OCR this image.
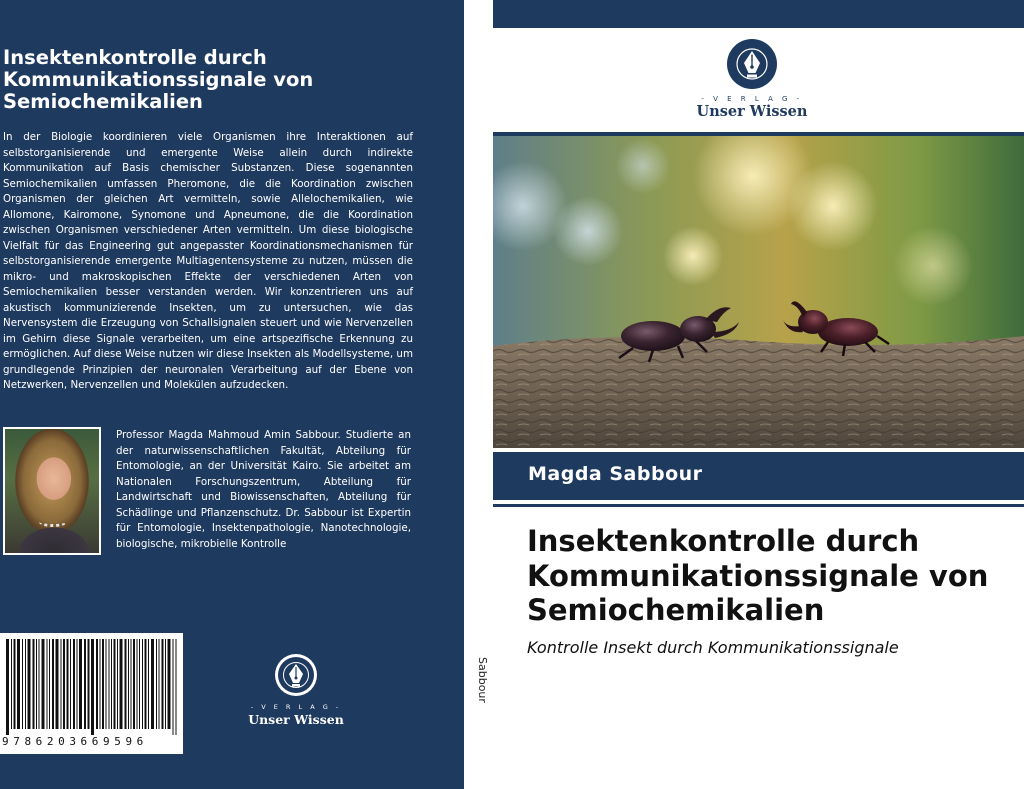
Insektenkontrolle durch Kommunikationssignale von Semiochemikalien
In der Biologie koordinieren viele Organismen ihre Interaktionen auf selbstorganisierende und emergente Weise allein durch indirekte Kommunikation auf Basis chemischer Substanzen. Diese sogenannten Semiochemikalien umfassen Pheromone, die die Koordination zwischen Organismen der gleichen Art vermitteln, sowie Allelochemikalien, wie Allomone, Kairomone, Synomone und Apneumone, die die Koordination zwischen Organismen verschiedener Arten vermitteln. Um diese biologische Vielfalt für das Engineering gut angepasster Koordinationsmechanismen für selbstorganisierende emergente Multiagentensysteme zu nutzen, müssen die mikro- und makroskopischen Effekte der verschiedenen Arten von Semiochemikalien besser verstanden werden. Wir konzentrieren uns auf akustisch kommunizierende Insekten, um zu untersuchen, wie das Nervensystem die Erzeugung von Schallsignalen steuert und wie Nervenzellen im Gehirn diese Signale verarbeiten, um eine artspezifische Erkennung zu ermöglichen. Auf diese Weise nutzen wir diese Insekten als Modellsysteme, um grundlegende Prinzipien der neuronalen Verarbeitung auf der Ebene von Netzwerken, Nervenzellen und Molekülen aufzudecken.
Professor Magda Mahmoud Amin Sabbour. Studierte an der naturwissenschaftlichen Fakultät, Abteilung für Entomologie, an der Universität Kairo. Sie arbeitet am Nationalen Forschungszentrum, Abteilung für Landwirtschaft und Biowissenschaften, Abteilung für Schädlinge und Pflanzenschutz. Dr. Sabbour ist Expertin für Entomologie, Insektenpathologie, Nanotechnologie, biologische, mikrobielle Kontrolle
9786203669596
- V E R L A G -
Unser Wissen
Sabbour
- V E R L A G -
Unser Wissen
Magda Sabbour
Insektenkontrolle durch Kommunikationssignale von Semiochemikalien
Kontrolle Insekt durch Kommunikationssignale
